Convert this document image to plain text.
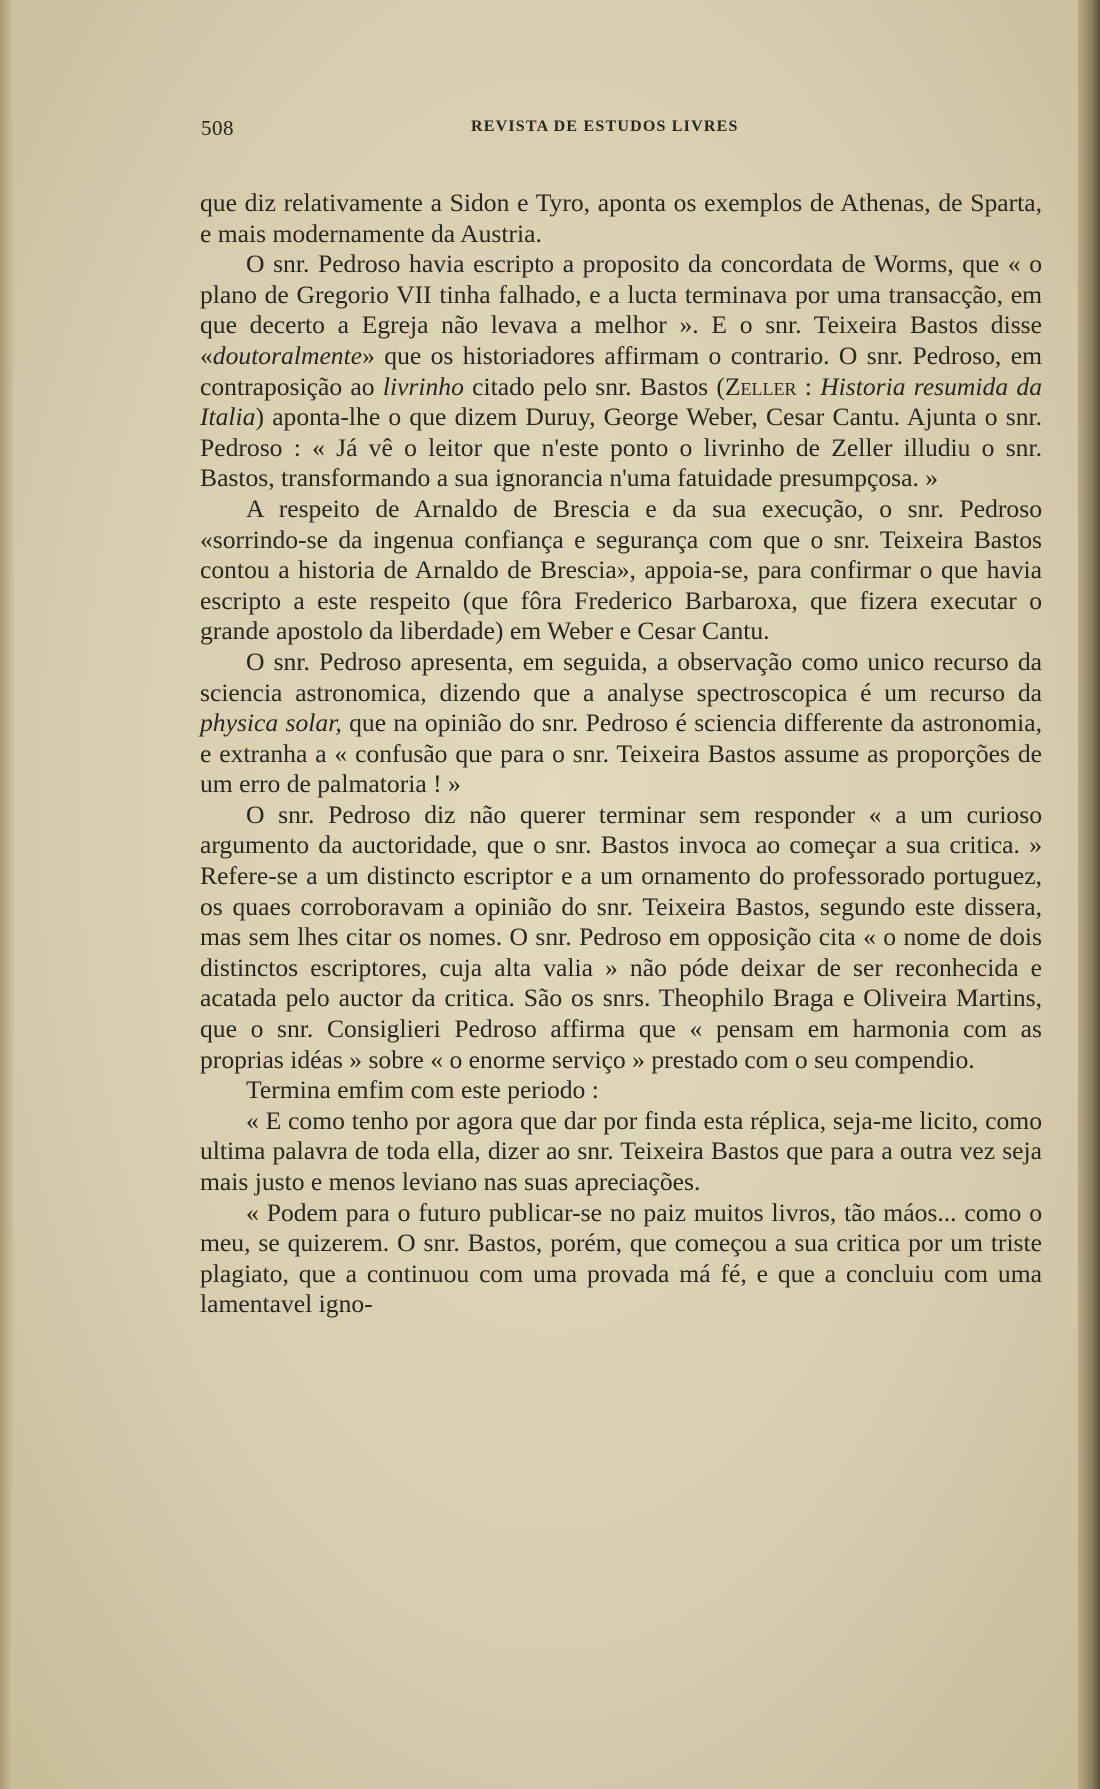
508	REVISTA DE ESTUDOS LIVRES

que diz relativamente a Sidon e Tyro, aponta os exemplos de Athenas, de Sparta, e mais modernamente da Austria.

O snr. Pedroso havia escripto a proposito da concordata de Worms, que « o plano de Gregorio VII tinha falhado, e a lucta terminava por uma transacção, em que decerto a Egreja não levava a melhor ». E o snr. Teixeira Bastos disse «doutoralmente» que os historiadores affirmam o contrario. O snr. Pedroso, em contraposição ao livrinho citado pelo snr. Bastos (Zeller : Historia resumida da Italia) aponta-lhe o que dizem Duruy, George Weber, Cesar Cantu. Ajunta o snr. Pedroso : « Já vê o leitor que n'este ponto o livrinho de Zeller illudiu o snr. Bastos, transformando a sua ignorancia n'uma fatuidade presumpçosa. »

A respeito de Arnaldo de Brescia e da sua execução, o snr. Pedroso «sorrindo-se da ingenua confiança e segurança com que o snr. Teixeira Bastos contou a historia de Arnaldo de Brescia», appoia-se, para confirmar o que havia escripto a este respeito (que fôra Frederico Barbaroxa, que fizera executar o grande apostolo da liberdade) em Weber e Cesar Cantu.

O snr. Pedroso apresenta, em seguida, a observação como unico recurso da sciencia astronomica, dizendo que a analyse spectroscopica é um recurso da physica solar, que na opinião do snr. Pedroso é sciencia differente da astronomia, e extranha a « confusão que para o snr. Teixeira Bastos assume as proporções de um erro de palmatoria ! »

O snr. Pedroso diz não querer terminar sem responder « a um curioso argumento da auctoridade, que o snr. Bastos invoca ao começar a sua critica. » Refere-se a um distincto escriptor e a um ornamento do professorado portuguez, os quaes corroboravam a opinião do snr. Teixeira Bastos, segundo este dissera, mas sem lhes citar os nomes. O snr. Pedroso em opposição cita « o nome de dois distinctos escriptores, cuja alta valia » não póde deixar de ser reconhecida e acatada pelo auctor da critica. São os snrs. Theophilo Braga e Oliveira Martins, que o snr. Consiglieri Pedroso affirma que « pensam em harmonia com as proprias idéas » sobre « o enorme serviço » prestado com o seu compendio.

Termina emfim com este periodo :

« E como tenho por agora que dar por finda esta réplica, seja-me licito, como ultima palavra de toda ella, dizer ao snr. Teixeira Bastos que para a outra vez seja mais justo e menos leviano nas suas apreciações.

« Podem para o futuro publicar-se no paiz muitos livros, tão máos... como o meu, se quizerem. O snr. Bastos, porém, que começou a sua critica por um triste plagiato, que a continuou com uma provada má fé, e que a concluiu com uma lamentavel igno-
